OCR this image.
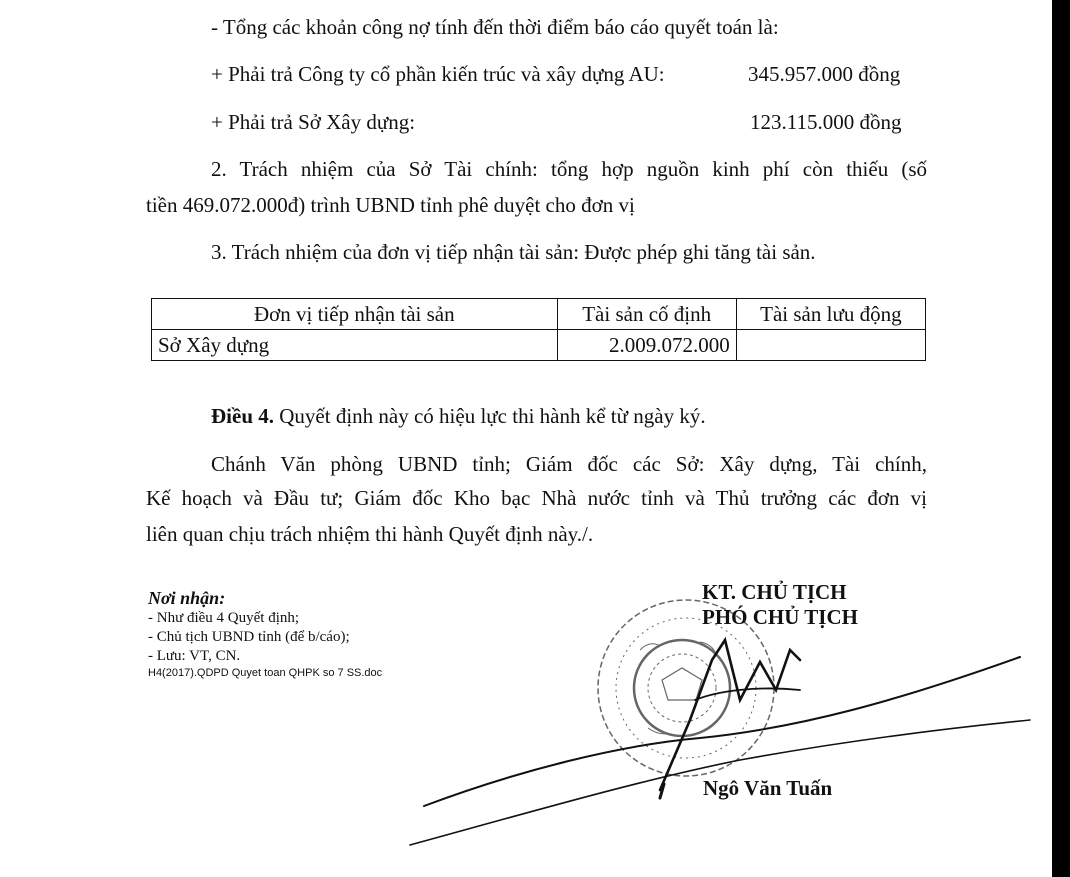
- Tổng các khoản công nợ tính đến thời điểm báo cáo quyết toán là:
+ Phải trả Công ty cổ phần kiến trúc và xây dựng AU:	345.957.000 đồng
+ Phải trả Sở Xây dựng:	123.115.000 đồng
2. Trách nhiệm của Sở Tài chính: tổng hợp nguồn kinh phí còn thiếu (số
tiền 469.072.000đ) trình UBND tỉnh phê duyệt cho đơn vị
3. Trách nhiệm của đơn vị tiếp nhận tài sản: Được phép ghi tăng tài sản.
Đơn vị tiếp nhận tài sản	Tài sản cố định	Tài sản lưu động
Sở Xây dựng	2.009.072.000	
Điều 4. Quyết định này có hiệu lực thi hành kể từ ngày ký.
Chánh Văn phòng UBND tỉnh; Giám đốc các Sở: Xây dựng, Tài chính,
Kế hoạch và Đầu tư; Giám đốc Kho bạc Nhà nước tỉnh và Thủ trưởng các đơn vị
liên quan chịu trách nhiệm thi hành Quyết định này./.
Nơi nhận:
- Như điều 4 Quyết định;
- Chủ tịch UBND tỉnh (để b/cáo);
- Lưu: VT, CN.
H4(2017).QDPD Quyet toan QHPK so 7 SS.doc
KT. CHỦ TỊCH
PHÓ CHỦ TỊCH
Ngô Văn Tuấn
